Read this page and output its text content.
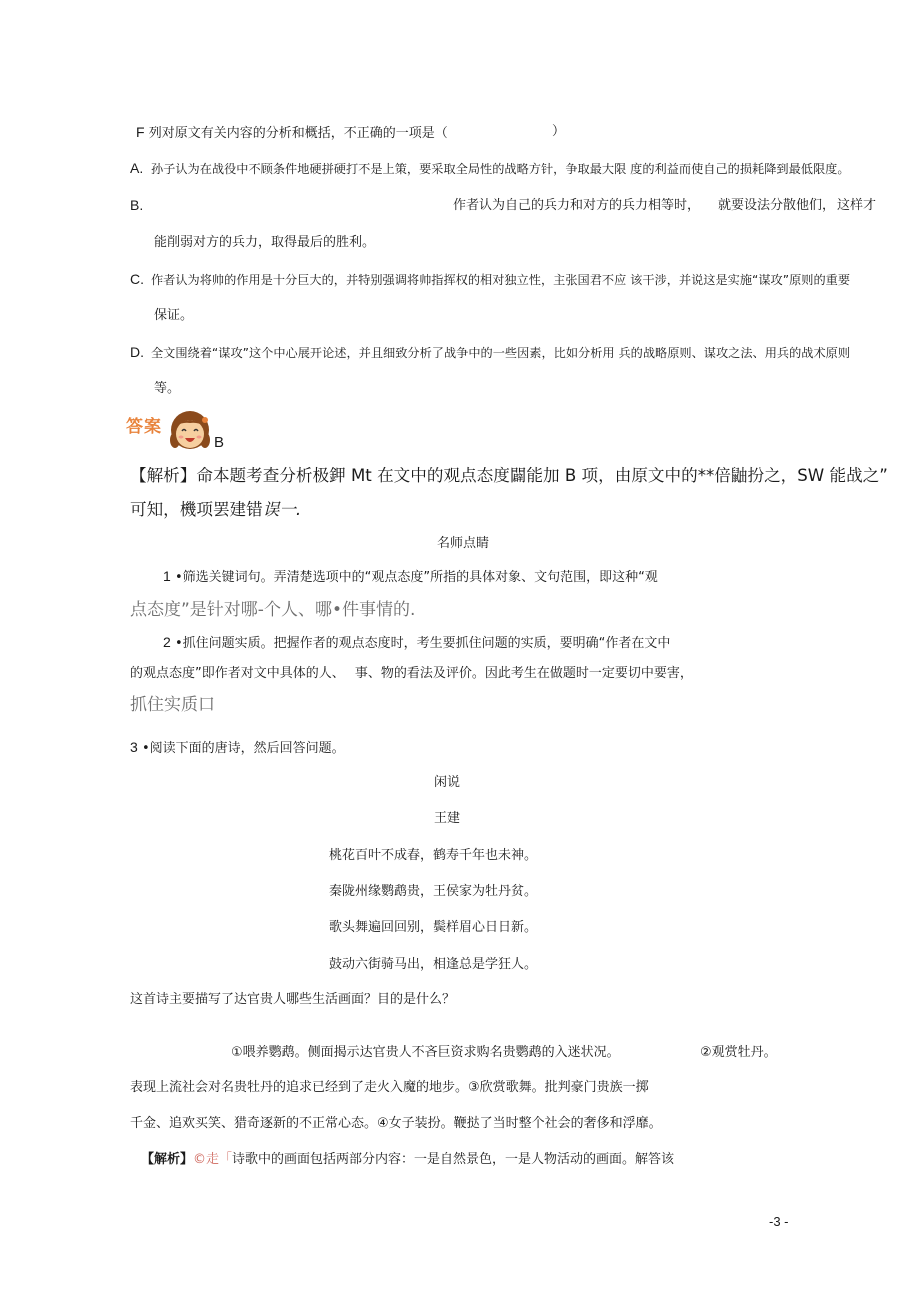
F 列对原文有关内容的分析和概括，不正确的一项是（	）
A. 孙子认为在战役中不顾条件地硬拼硬打不是上策，要采取全局性的战略方针，争取最大限 度的利益而使自己的损耗降到最低限度。
B.	作者认为自己的兵力和对方的兵力相等时， 就要设法分散他们， 这样才
能削弱对方的兵力，取得最后的胜利。
C. 作者认为将帅的作用是十分巨大的，并特别强调将帅指挥权的相对独立性，主张国君不应 该干涉，并说这是实施“谋攻”原则的重要
保证。
D. 全文围绕着“谋攻”这个中心展开论述，并且细致分析了战争中的一些因素，比如分析用 兵的战略原则、谋攻之法、用兵的战术原则
等。
答案
B
【解析】命本题考查分析极鉀 Mt 在文中的观点态度闢能加 B 项，由原文中的**倍鼬扮之，SW 能战之”
可知，機项罢建错误一.
名师点睛
1 •筛选关键词句。弄清楚选项中的“观点态度”所指的具体对象、文句范围，即这种“观
点态度”是针对哪-个人、哪•件事情的.
2 •抓住问题实质。把握作者的观点态度时，考生要抓住问题的实质，要明确“作者在文中
的观点态度”即作者对文中具体的人、 事、物的看法及评价。因此考生在做题时一定要切中要害，
抓住实质口
3 •阅读下面的唐诗，然后回答问题。
闲说
王建
桃花百叶不成春，鹤寿千年也未神。
秦陇州缘鹦鹉贵，王侯家为牡丹贫。
歌头舞遍回回别，鬓样眉心日日新。
鼓动六街骑马出，相逢总是学狂人。
这首诗主要描写了达官贵人哪些生活画面？目的是什么？
①喂养鹦鹉。侧面揭示达官贵人不吝巨资求购名贵鹦鹉的入迷状况。	②观赏牡丹。
表现上流社会对名贵牡丹的追求已经到了走火入魔的地步。③欣赏歌舞。批判豪门贵族一掷
千金、追欢买笑、猎奇逐新的不正常心态。④女子装扮。鞭挞了当时整个社会的奢侈和浮靡。
【解析】©走「诗歌中的画面包括两部分内容：一是自然景色，一是人物活动的画面。解答该
-3 -
